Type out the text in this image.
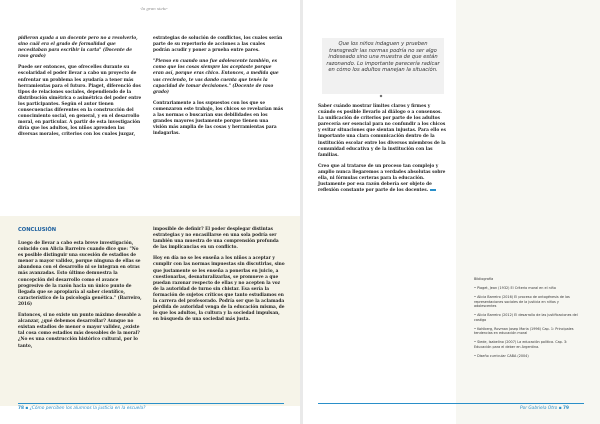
-la gran siete-

pidieron ayuda a un docente pero no a resolverlo, sino cuál era el grado de formalidad que necesitaban para escribir la carta" (Docente de raso grado)

Puede ser entonces, que ofrecelles durante su escolaridad el poder llevar a cabo un proyecto de enfrentar un problema les ayudaría a tener más herramientas para el futuro. Piaget, diferenció dos tipos de relaciones sociales, dependiendo de la distribución simétrica o asimétrica del poder entre los participantes. Según el autor tienen consecuencias diferentes en la construcción del conocimiento social, en general, y en el desarrollo moral, en particular. A partir de esta investigación diría que los adultos, los niños aprenden las diversas morales, criterios con los cuales juzgar,

estrategias de solución de conflictos, los cuales serán parte de su repertorio de acciones a las cuales podrán acudir y poner a prueba entre pares.

"Pienso en cuando uno fue adolescente también, es como que los cosas siempre las aceptaste porque eran así, porque eras chico. Entonces, a medida que vas creciendo, te vas dando cuenta que tenés la capacidad de tomar decisiones." (Docente de raso grado)

Contrariamente a los supuestos con los que se comenzaron este trabajo, los chicos se revelarían más a las normas o buscarían sus debilidades en los grandes mayores justamente porque tienen una visión más amplia de las cosas y herramientas para indagarlas.

CONCLUSIÓN

Luego de llevar a cabo esta breve investigación, coincido con Alicia Barreiro cuando dice que: "No es posible distinguir una sucesión de estadios de menor a mayor validez, porque ninguna de ellas se abandona con el desarrollo ni se integran en otras más avanzadas. Esto último demuestra la concepción del desarrollo como el avance progresivo de la razón hacia un único punto de llegada que se apropiaría al saber científico, característico de la psicología genética." (Barreiro, 2016)

Entonces, si no existe un punto máximo deseable a alcanzar, ¿qué debemos desarrollar? Aunque no existan estadios de menor o mayor validez, ¿existe tal cosa como estadios más deseables de la moral? ¿No es una construcción histórico cultural, por lo tanto,

imposible de definir? El poder desplegar distintas estrategias y no encasillarse en una sola podría ser también una muestra de una comprensión profunda de las implicancias en un conflicto.

Hoy en día no se les enseña a los niños a aceptar y cumplir con las normas impuestas sin discutirlas, sino que justamente se les enseña a ponerlas en juicio, a cuestionarlas, desnaturalizarlas, se promueve a que puedan razonar respecto de ellas y no acepten la voz de la autoridad de turno sin chistar. Esa sería la formación de sujetos críticos que tanto estudiamos en la carrera del profesorado. Podría ser que la aclamada pérdida de autoridad venga de la educación misma, de lo que los adultos, la cultura y la sociedad impulsan, en búsqueda de una sociedad más justa.

78 ▪ ¿Cómo perciben los alumnos la justicia en la escuela?
Que los niños indaguen y prueben transgredir las normas podría no ser algo indeseado sino una muestra de que están razonando. Lo importante parecería radicar en cómo los adultos manejan la situación.

Saber cuándo mostrar límites claros y firmes y cuándo es posible llevarlo al diálogo o a consensos. La unificación de criterios por parte de los adultos parecería ser esencial para no confundir a los chicos y evitar situaciones que sientan injustas. Para ello es importante una clara comunicación dentro de la institución escolar entre los diversos miembros de la comunidad educativa y de la institución con las familias.

Creo que al tratarse de un proceso tan complejo y amplio nunca llegaremos a verdades absolutas sobre ella, ni fórmulas certeras para la educación. Justamente por esa razón debería ser objeto de reflexión constante por parte de los docentes.

Bibliografía
• Piaget, Jean (1932) El Criterio moral en el niño
• Alicia Barreiro (2016) El proceso de ontogénesis de las representaciones sociales de la justicia en niños y adolescentes
• Alicia Barreiro (2012) El desarrollo de las justificaciones del castigo
• Kohlberg, Rovman Josep Maria (1996) Cap. 1: Principales tendencias en educación moral
• Siede, Isabelino (2007) La educación política. Cap. 3: Educación para el deber en Argentina.
• Diseño curricular CABA (2004)
Por Gabriela Otro ▪ 79
